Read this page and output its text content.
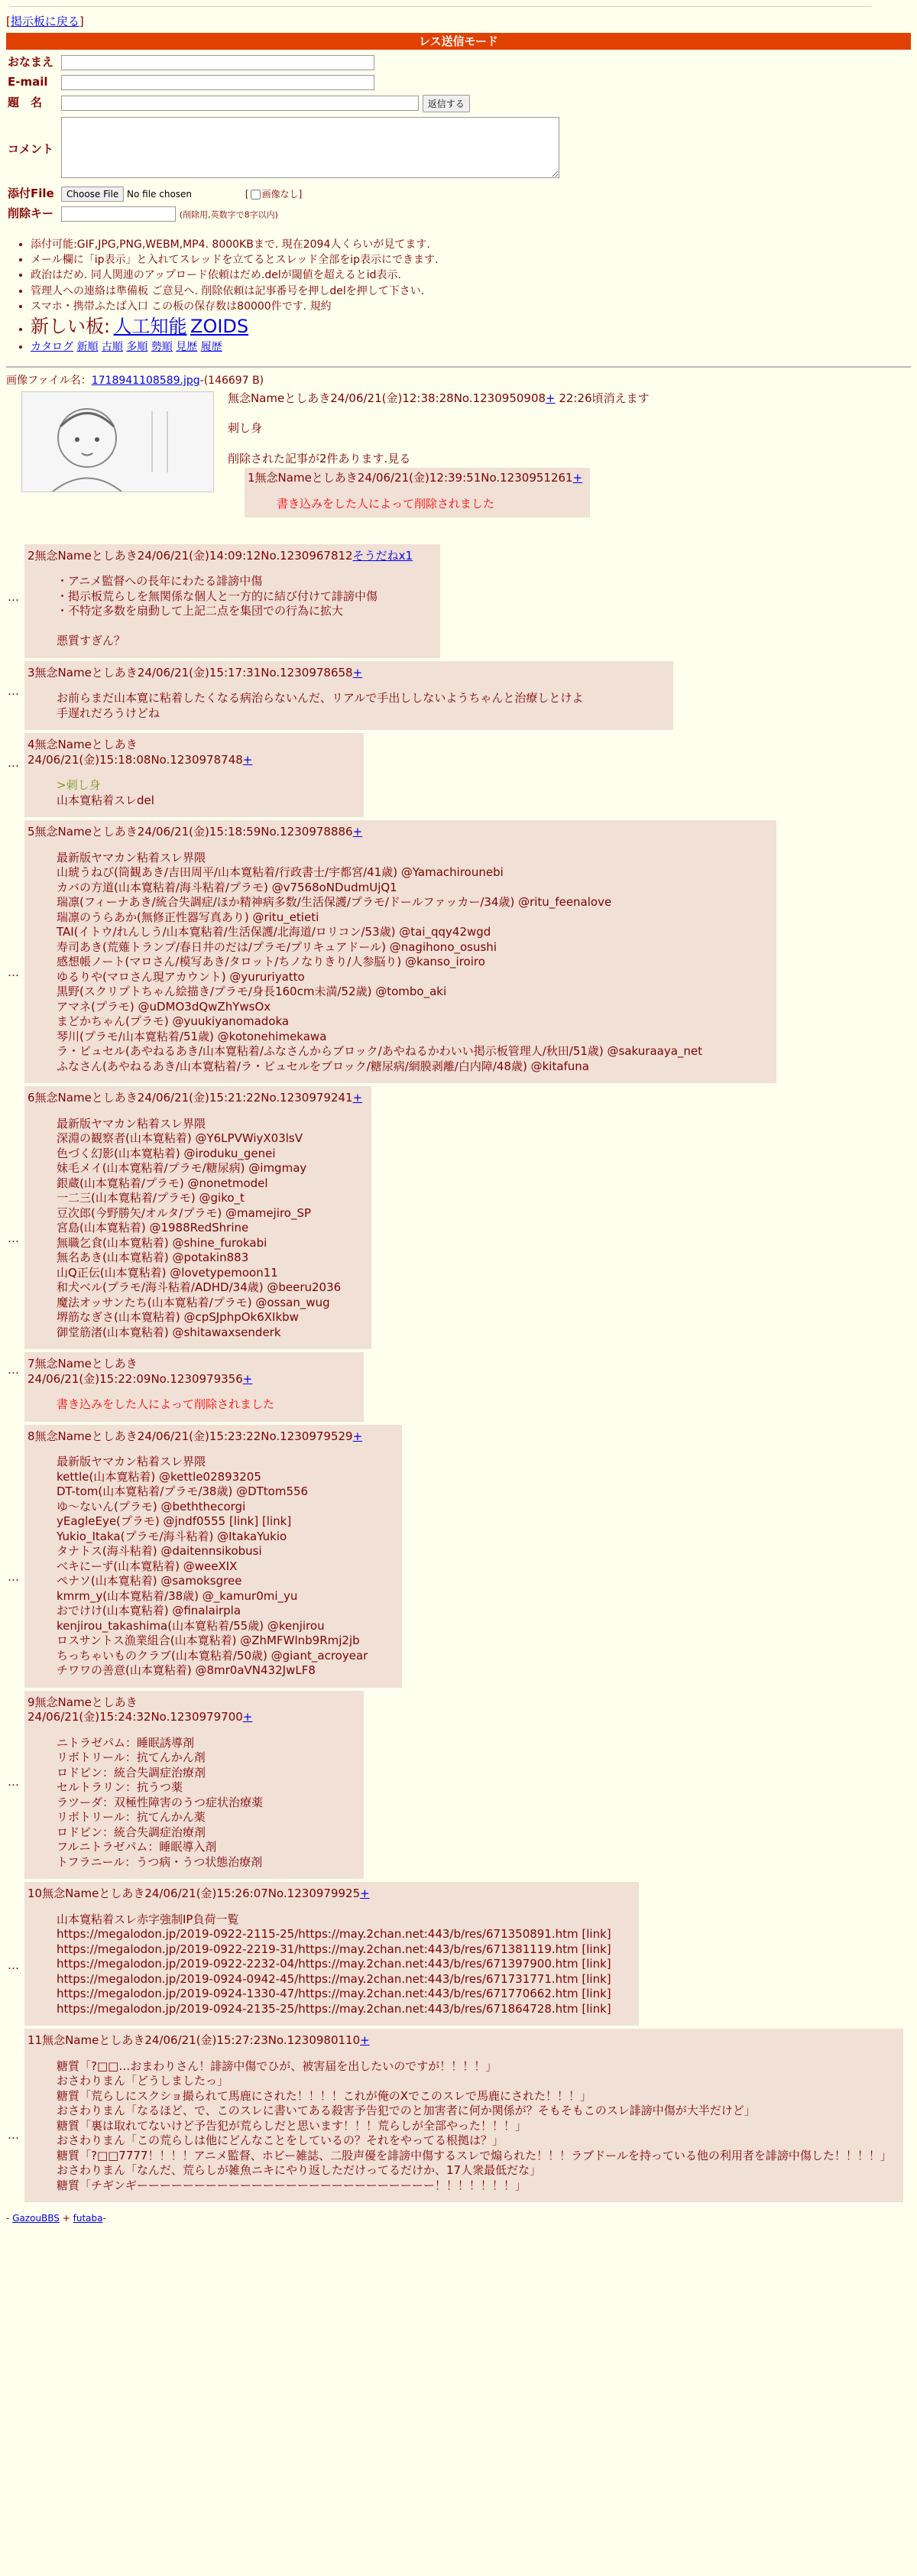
[掲示板に戻る]
レス送信モード
おなまえ	
E-mail	
題　名	返信する
コメント	
添付File	Choose File No file chosen [ 画像なし]
削除キー	(削除用,英数字で8字以内)
• 添付可能:GIF,JPG,PNG,WEBM,MP4. 8000KBまで. 現在2094人くらいが見てます.
• メール欄に「ip表示」と入れてスレッドを立てるとスレッド全部をip表示にできます.
• 政治はだめ. 同人関連のアップロード依頼はだめ.delが閾値を超えるとid表示.
• 管理人への連絡は準備板 ご意見へ. 削除依頼は記事番号を押しdelを押して下さい.
• スマホ・携帯ふたば入口 この板の保存数は80000件です. 規約
• 新しい板: 人工知能 ZOIDS
• カタログ 新順 古順 多順 勢順 見歴 履歴
画像ファイル名：1718941108589.jpg-(146697 B)
無念Nameとしあき24/06/21(金)12:38:28No.1230950908+ 22:26頃消えます
刺し身
削除された記事が2件あります.見る
1無念Nameとしあき24/06/21(金)12:39:51No.1230951261+
書き込みをした人によって削除されました
…
2無念Nameとしあき24/06/21(金)14:09:12No.1230967812そうだねx1
・アニメ監督への長年にわたる誹謗中傷
・掲示板荒らしを無関係な個人と一方的に結び付けて誹謗中傷
・不特定多数を扇動して上記二点を集団での行為に拡大

悪質すぎん？
…
3無念Nameとしあき24/06/21(金)15:17:31No.1230978658+
お前らまだ山本寛に粘着したくなる病治らないんだ、リアルで手出ししないようちゃんと治療しとけよ
手遅れだろうけどね
…
4無念Nameとしあき24/06/21(金)15:18:08No.1230978748+
>刺し身
山本寛粘着スレdel
…
5無念Nameとしあき24/06/21(金)15:18:59No.1230978886+
最新版ヤマカン粘着スレ界隈
山琥うねび(筒観あき/吉田周平/山本寛粘着/行政書士/宇都宮/41歳) @Yamachirounebi
カバの方道(山本寛粘着/海斗粘着/プラモ) @v7568oNDudmUjQ1
瑞凛(フィーナあき/統合失調症/ほか精神病多数/生活保護/プラモ/ドールファッカー/34歳) @ritu_feenalove
瑞凛のうらあか(無修正性器写真あり) @ritu_etieti
TAI(イトウ/れんしう/山本寛粘着/生活保護/北海道/ロリコン/53歳) @tai_qqy42wgd
寿司あき(荒薙トランプ/春日井のだは/プラモ/プリキュアドール) @nagihono_osushi
感想帳ノート(マロさん/模写あき/タロット/ちノなりきり/人参脳り) @kanso_iroiro
ゆるりや(マロさん現アカウント) @yururiyatto
黒野(スクリプトちゃん絵描き/プラモ/身長160cm未満/52歳) @tombo_aki
アマネ(プラモ) @uDMO3dQwZhYwsOx
まどかちゃん(プラモ) @yuukiyanomadoka
琴川(プラモ/山本寛粘着/51歳) @kotonehimekawa
ラ・ピュセル(あやねるあき/山本寛粘着/ふなさんからブロック/あやねるかわいい掲示板管理人/秋田/51歳) @sakuraaya_net
ふなさん(あやねるあき/山本寛粘着/ラ・ピュセルをブロック/糖尿病/網膜剥離/白内障/48歳) @kitafuna
…
6無念Nameとしあき24/06/21(金)15:21:22No.1230979241+
最新版ヤマカン粘着スレ界隈
深淵の観察者(山本寛粘着) @Y6LPVWiyX03lsV
色づく幻影(山本寛粘着) @iroduku_genei
妹毛メイ(山本寛粘着/プラモ/糖尿病) @imgmay
銀蔵(山本寛粘着/プラモ) @nonetmodel
一二三(山本寛粘着/プラモ) @giko_t
豆次郎(今野勝矢/オルタ/プラモ) @mamejiro_SP
宮島(山本寛粘着) @1988RedShrine
無職乞食(山本寛粘着) @shine_furokabi
無名あき(山本寛粘着) @potakin883
山Q正伝(山本寛粘着) @lovetypemoon11
和犬ベル(プラモ/海斗粘着/ADHD/34歳) @beeru2036
魔法オッサンたち(山本寛粘着/プラモ) @ossan_wug
堺筋なぎさ(山本寛粘着) @cpSJphpOk6XIkbw
御堂筋渚(山本寛粘着) @shitawaxsenderk
… 7無念Nameとしあき24/06/21(金)15:22:09No.1230979356+
書き込みをした人によって削除されました
…
8無念Nameとしあき24/06/21(金)15:23:22No.1230979529+
最新版ヤマカン粘着スレ界隈
kettle(山本寛粘着) @kettle02893205
DT-tom(山本寛粘着/プラモ/38歳) @DTtom556
ゆ～ないん(プラモ) @beththecorgi
yEagleEye(プラモ) @jndf0555 [link] [link]
Yukio_Itaka(プラモ/海斗粘着) @ItakaYukio
タナトス(海斗粘着) @daitennsikobusi
べキにーず(山本寛粘着) @weeXIX
ペナソ(山本寛粘着) @samoksgree
kmrm_y(山本寛粘着/38歳) @_kamur0mi_yu
おでけけ(山本寛粘着) @finalairpla
kenjirou_takashima(山本寛粘着/55歳) @kenjirou
ロスサントス漁業組合(山本寛粘着) @ZhMFWlnb9Rmj2jb
ちっちゃいものクラブ(山本寛粘着/50歳) @giant_acroyear
チワワの善意(山本寛粘着) @8mr0aVN432JwLF8
…
9無念Nameとしあき24/06/21(金)15:24:32No.1230979700+
ニトラゼパム：睡眠誘導剤
リボトリール：抗てんかん剤
ロドピン：統合失調症治療剤
セルトラリン：抗うつ薬
ラツーダ：双極性障害のうつ症状治療薬
リボトリール：抗てんかん薬
ロドピン：統合失調症治療剤
フルニトラゼパム：睡眠導入剤
トフラニール：うつ病・うつ状態治療剤
…
10無念Nameとしあき24/06/21(金)15:26:07No.1230979925+
山本寛粘着スレ赤字強制IP負荷一覧
https://megalodon.jp/2019-0922-2115-25/https://may.2chan.net:443/b/res/671350891.htm [link]
https://megalodon.jp/2019-0922-2219-31/https://may.2chan.net:443/b/res/671381119.htm [link]
https://megalodon.jp/2019-0922-2232-04/https://may.2chan.net:443/b/res/671397900.htm [link]
https://megalodon.jp/2019-0924-0942-45/https://may.2chan.net:443/b/res/671731771.htm [link]
https://megalodon.jp/2019-0924-1330-47/https://may.2chan.net:443/b/res/671770662.htm [link]
https://megalodon.jp/2019-0924-2135-25/https://may.2chan.net:443/b/res/671864728.htm [link]
…
11無念Nameとしあき24/06/21(金)15:27:23No.1230980110+
糖質「?□□…おまわりさん！誹謗中傷でひが、被害届を出したいのですが！！！！」
おさわりまん「どうしましたっ」
糖質「荒らしにスクショ撮られて馬鹿にされた！！！！これが俺のXでこのスレで馬鹿にされた！！！」
おさわりまん「なるほど、で、このスレに書いてある殺害予告犯でのと加害者に何か関係が？そもそもこのスレ誹謗中傷が大半だけど」
糖質「裏は取れてないけど予告犯が荒らしだと思います！！！荒らしが全部やった！！！」
おさわりまん「この荒らしは他にどんなことをしているの？それをやってる根拠は？」
糖質「?□□7777！！！！アニメ監督、ホビー雑誌、二股声優を誹謗中傷するスレで煽られた！！！ラブドールを持っている他の利用者を誹謗中傷した！！！！」
おさわりまん「なんだ、荒らしが雑魚ニキにやり返しただけってるだけか、17人衆最低だな」
糖質「チギンギーーーーーーーーーーーーーーーーーーーーーーーーーー！！！！！！！」
- GazouBBS + futaba-
